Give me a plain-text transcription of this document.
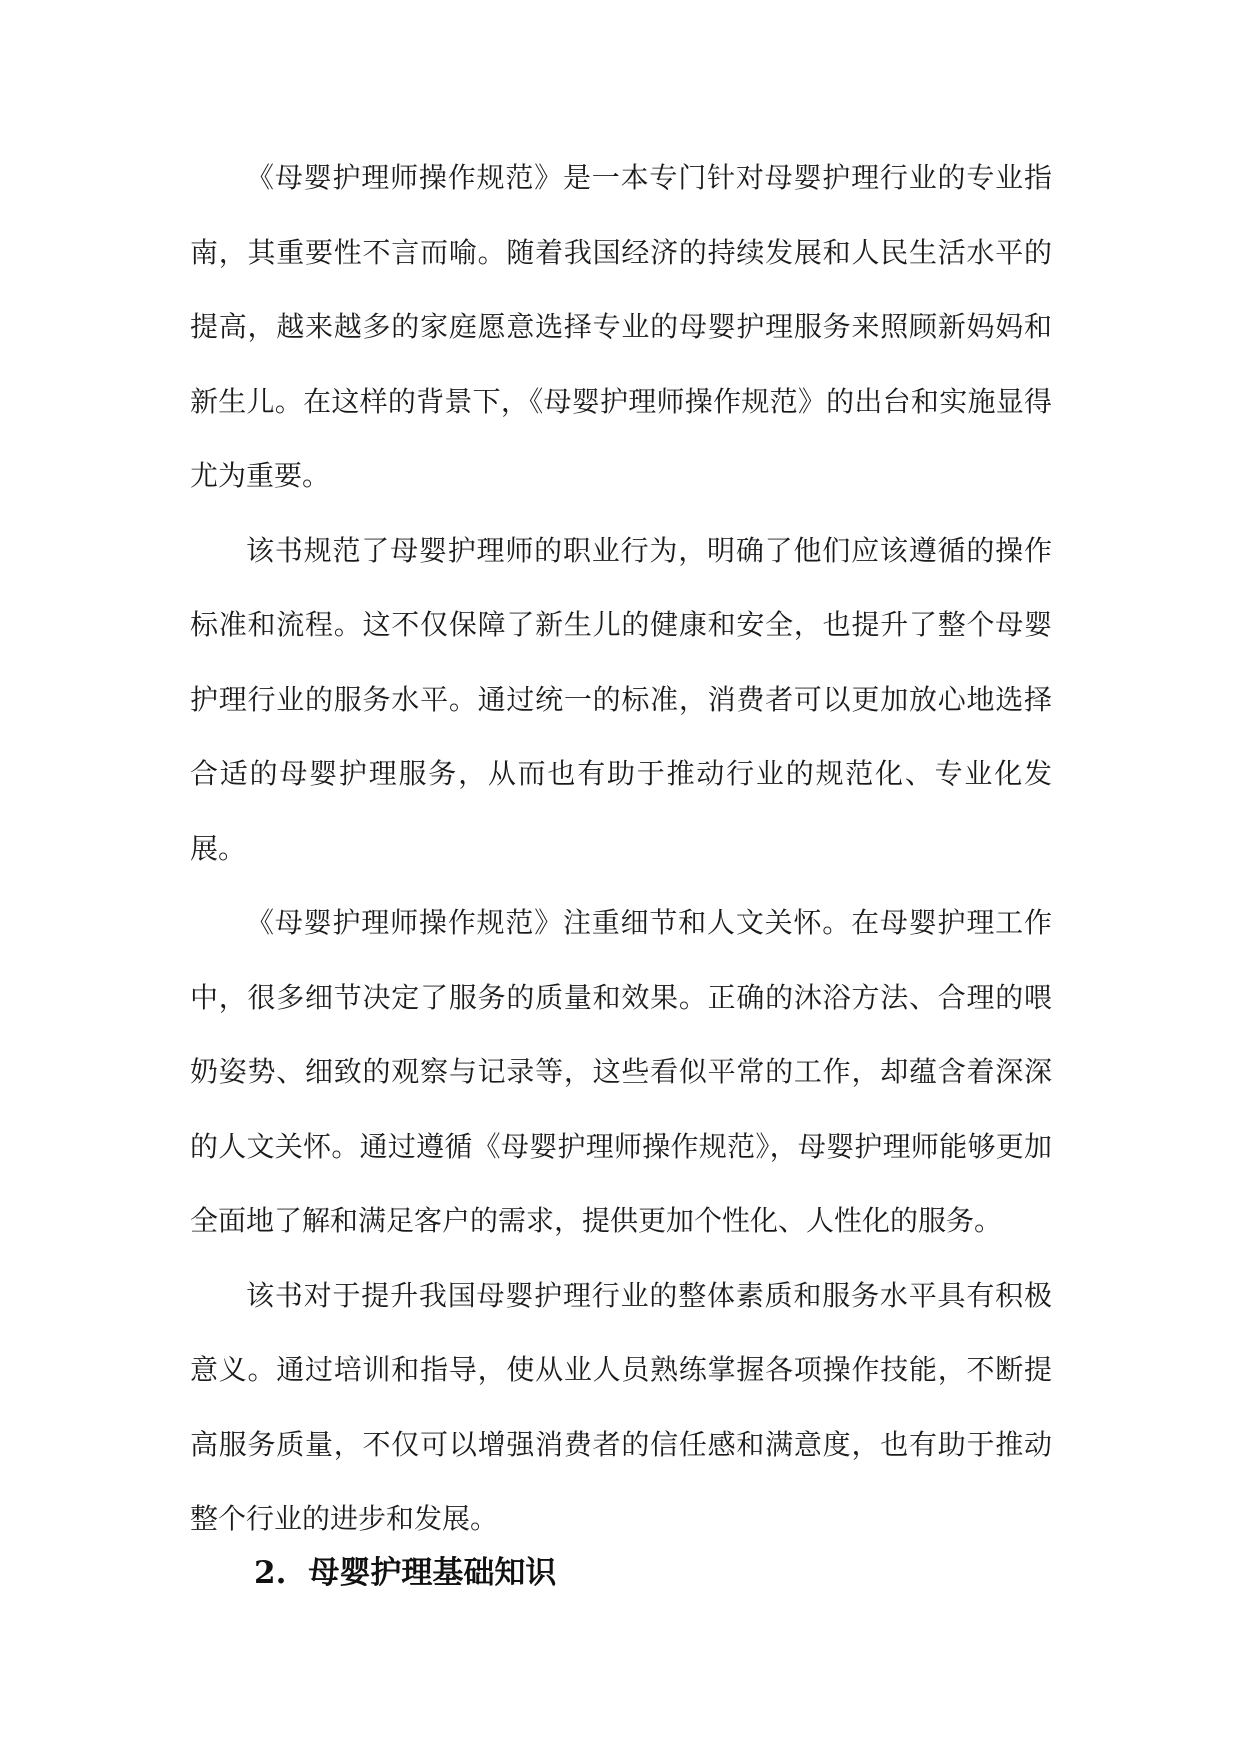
《母婴护理师操作规范》是一本专门针对母婴护理行业的专业指南，其重要性不言而喻。随着我国经济的持续发展和人民生活水平的提高，越来越多的家庭愿意选择专业的母婴护理服务来照顾新妈妈和新生儿。在这样的背景下，《母婴护理师操作规范》的出台和实施显得尤为重要。

该书规范了母婴护理师的职业行为，明确了他们应该遵循的操作标准和流程。这不仅保障了新生儿的健康和安全，也提升了整个母婴护理行业的服务水平。通过统一的标准，消费者可以更加放心地选择合适的母婴护理服务，从而也有助于推动行业的规范化、专业化发展。

《母婴护理师操作规范》注重细节和人文关怀。在母婴护理工作中，很多细节决定了服务的质量和效果。正确的沐浴方法、合理的喂奶姿势、细致的观察与记录等，这些看似平常的工作，却蕴含着深深的人文关怀。通过遵循《母婴护理师操作规范》，母婴护理师能够更加全面地了解和满足客户的需求，提供更加个性化、人性化的服务。

该书对于提升我国母婴护理行业的整体素质和服务水平具有积极意义。通过培训和指导，使从业人员熟练掌握各项操作技能，不断提高服务质量，不仅可以增强消费者的信任感和满意度，也有助于推动整个行业的进步和发展。

2. 母婴护理基础知识
